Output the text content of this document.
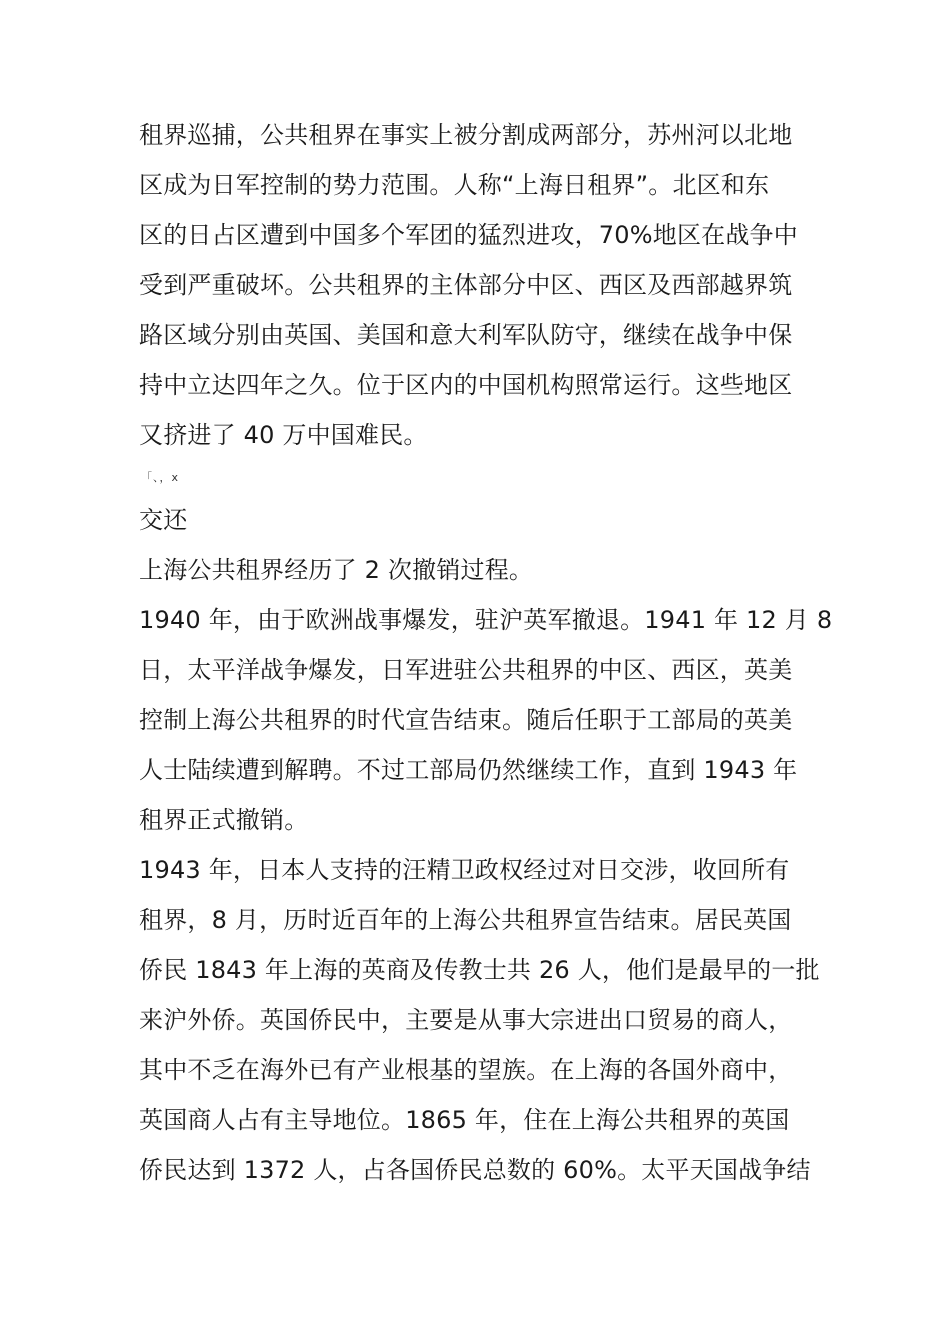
租界巡捕，公共租界在事实上被分割成两部分，苏州河以北地
区成为日军控制的势力范围。人称“上海日租界”。北区和东
区的日占区遭到中国多个军团的猛烈进攻，70%地区在战争中
受到严重破坏。公共租界的主体部分中区、西区及西部越界筑
路区域分别由英国、美国和意大利军队防守，继续在战争中保
持中立达四年之久。位于区内的中国机构照常运行。这些地区
又挤进了 40 万中国难民。
「、，x
交还
上海公共租界经历了 2 次撤销过程。
1940 年，由于欧洲战事爆发，驻沪英军撤退。1941 年 12 月 8
日，太平洋战争爆发，日军进驻公共租界的中区、西区，英美
控制上海公共租界的时代宣告结束。随后任职于工部局的英美
人士陆续遭到解聘。不过工部局仍然继续工作，直到 1943 年
租界正式撤销。
1943 年，日本人支持的汪精卫政权经过对日交涉，收回所有
租界，8 月，历时近百年的上海公共租界宣告结束。居民英国
侨民 1843 年上海的英商及传教士共 26 人，他们是最早的一批
来沪外侨。英国侨民中，主要是从事大宗进出口贸易的商人，
其中不乏在海外已有产业根基的望族。在上海的各国外商中，
英国商人占有主导地位。1865 年，住在上海公共租界的英国
侨民达到 1372 人，占各国侨民总数的 60%。太平天国战争结
